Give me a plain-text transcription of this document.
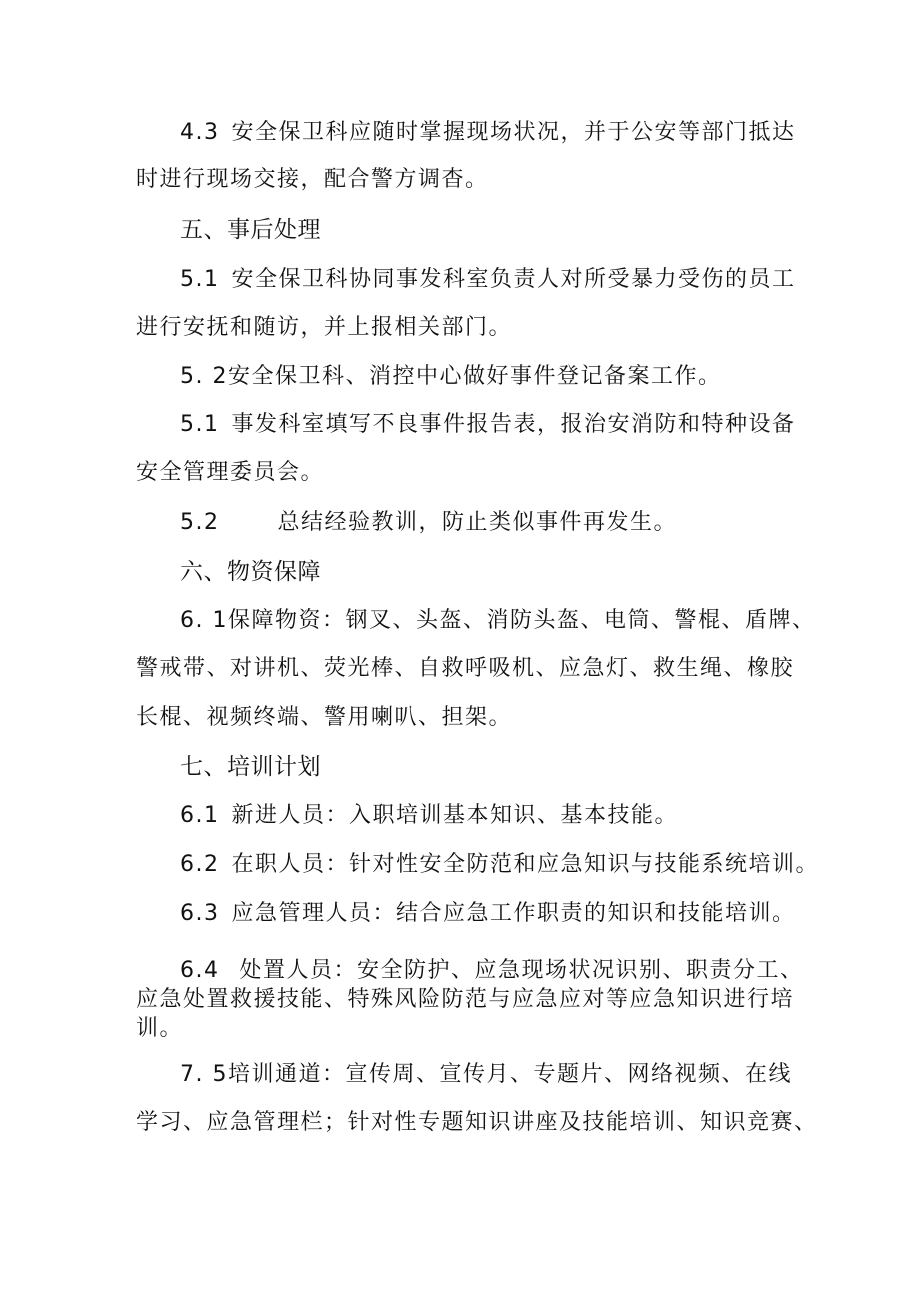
4.3 安全保卫科应随时掌握现场状况，并于公安等部门抵达
时进行现场交接，配合警方调杳。
五、事后处理
5.1 安全保卫科协同事发科室负责人对所受暴力受伤的员工
进行安抚和随访，并上报相关部门。
5. 2安全保卫科、消控中心做好事件登记备案工作。
5.1 事发科室填写不良事件报告表，报治安消防和特种设备
安全管理委员会。
5.2	总结经验教训，防止类似事件再发生。
六、物资保障
6. 1保障物资：钢叉、头盔、消防头盔、电筒、警棍、盾牌、
警戒带、对讲机、荧光棒、自救呼吸机、应急灯、救生绳、橡胶
长棍、视频终端、警用喇叭、担架。
七、培训计划
6.1 新进人员：入职培训基本知识、基本技能。
6.2 在职人员：针对性安全防范和应急知识与技能系统培训。
6.3 应急管理人员：结合应急工作职责的知识和技能培训。
6.4 处置人员：安全防护、应急现场状况识别、职责分工、
应急处置救援技能、特殊风险防范与应急应对等应急知识进行培
训。
7. 5培训通道：宣传周、宣传月、专题片、网络视频、在线
学习、应急管理栏；针对性专题知识讲座及技能培训、知识竞赛、
